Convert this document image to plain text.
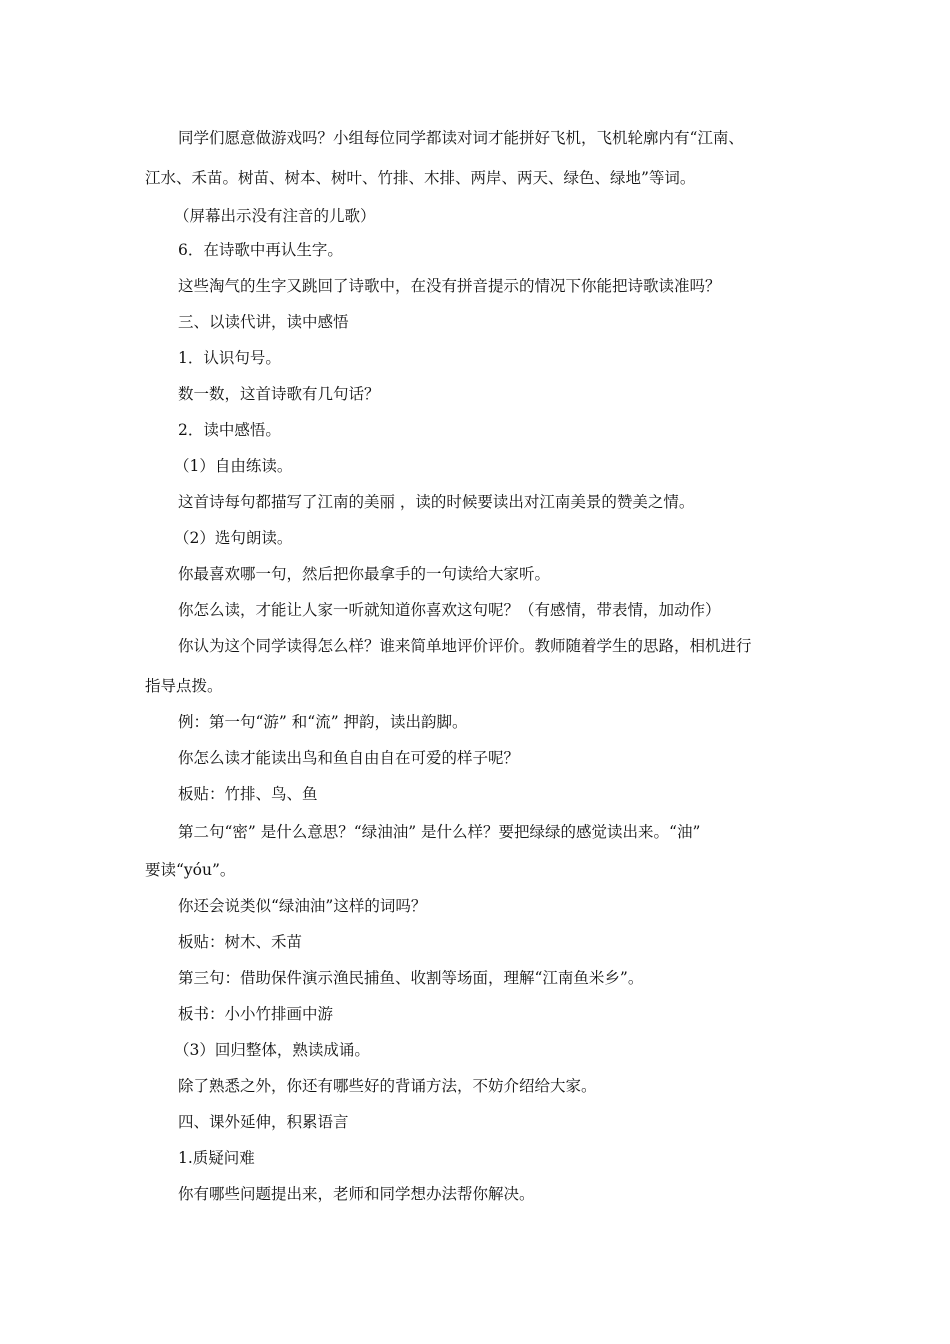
同学们愿意做游戏吗？小组每位同学都读对词才能拼好飞机，飞机轮廓内有“江南、
江水、禾苗。树苗、树本、树叶、竹排、木排、两岸、两天、绿色、绿地”等词。
（屏幕出示没有注音的儿歌）
6．在诗歌中再认生字。
这些淘气的生字又跳回了诗歌中，在没有拼音提示的情况下你能把诗歌读准吗？
三、以读代讲，读中感悟
1．认识句号。
数一数，这首诗歌有几句话？
2．读中感悟。
（1）自由练读。
这首诗每句都描写了江南的美丽 ，读的时候要读出对江南美景的赞美之情。
（2）选句朗读。
你最喜欢哪一句，然后把你最拿手的一句读给大家听。
你怎么读，才能让人家一听就知道你喜欢这句呢？（有感情，带表情，加动作）
你认为这个同学读得怎么样？谁来简单地评价评价。教师随着学生的思路，相机进行
指导点拨。
例：第一句“游” 和“流” 押韵，读出韵脚。
你怎么读才能读出鸟和鱼自由自在可爱的样子呢？
板贴：竹排、鸟、鱼
第二句“密” 是什么意思？“绿油油” 是什么样？要把绿绿的感觉读出来。“油”
要读“yóu”。
你还会说类似“绿油油”这样的词吗？
板贴：树木、禾苗
第三句：借助保件演示渔民捕鱼、收割等场面，理解“江南鱼米乡”。
板书：小小竹排画中游
（3）回归整体，熟读成诵。
除了熟悉之外，你还有哪些好的背诵方法，不妨介绍给大家。
四、课外延伸，积累语言
1.质疑问难
你有哪些问题提出来，老师和同学想办法帮你解决。
